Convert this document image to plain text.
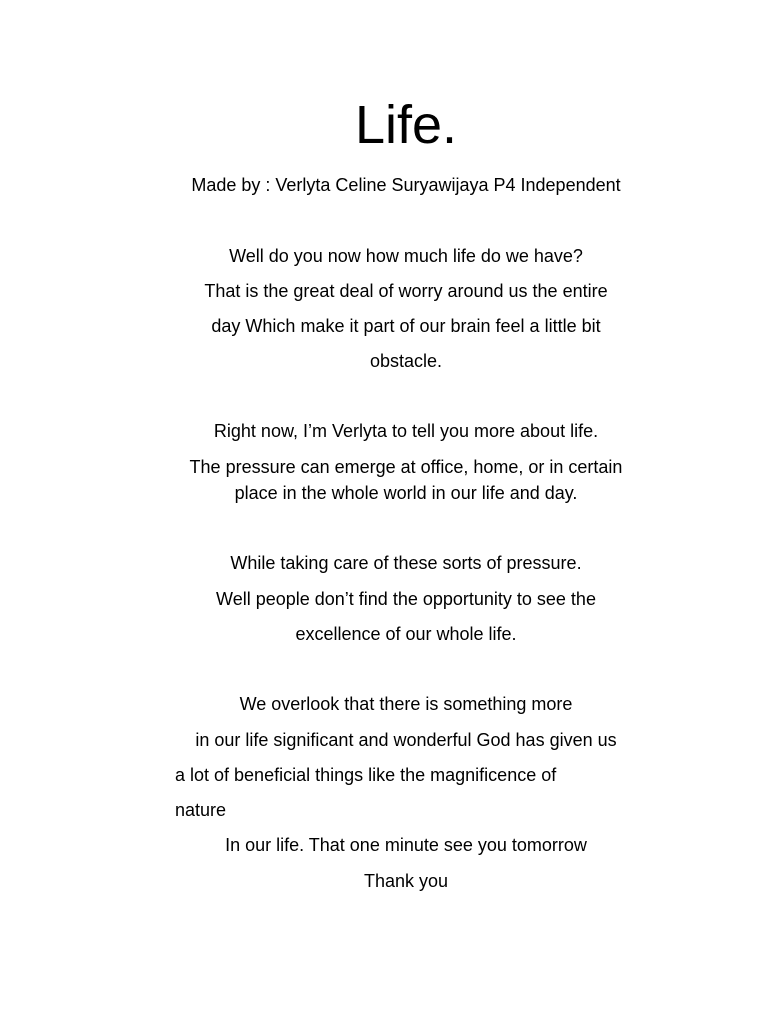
Life.
Made by : Verlyta Celine Suryawijaya P4 Independent
Well do you now how much life do we have?
That is the great deal of worry around us the entire
day Which make it part of our brain feel a little bit
obstacle.
Right now, I’m Verlyta to tell you more about life.
The pressure can emerge at office, home, or in certain
place in the whole world in our life and day.
While taking care of these sorts of pressure.
Well people don’t find the opportunity to see the
excellence of our whole life.
We overlook that there is something more
in our life significant and wonderful God has given us
a lot of beneficial things like the magnificence of
nature
In our life. That one minute see you tomorrow
Thank you
